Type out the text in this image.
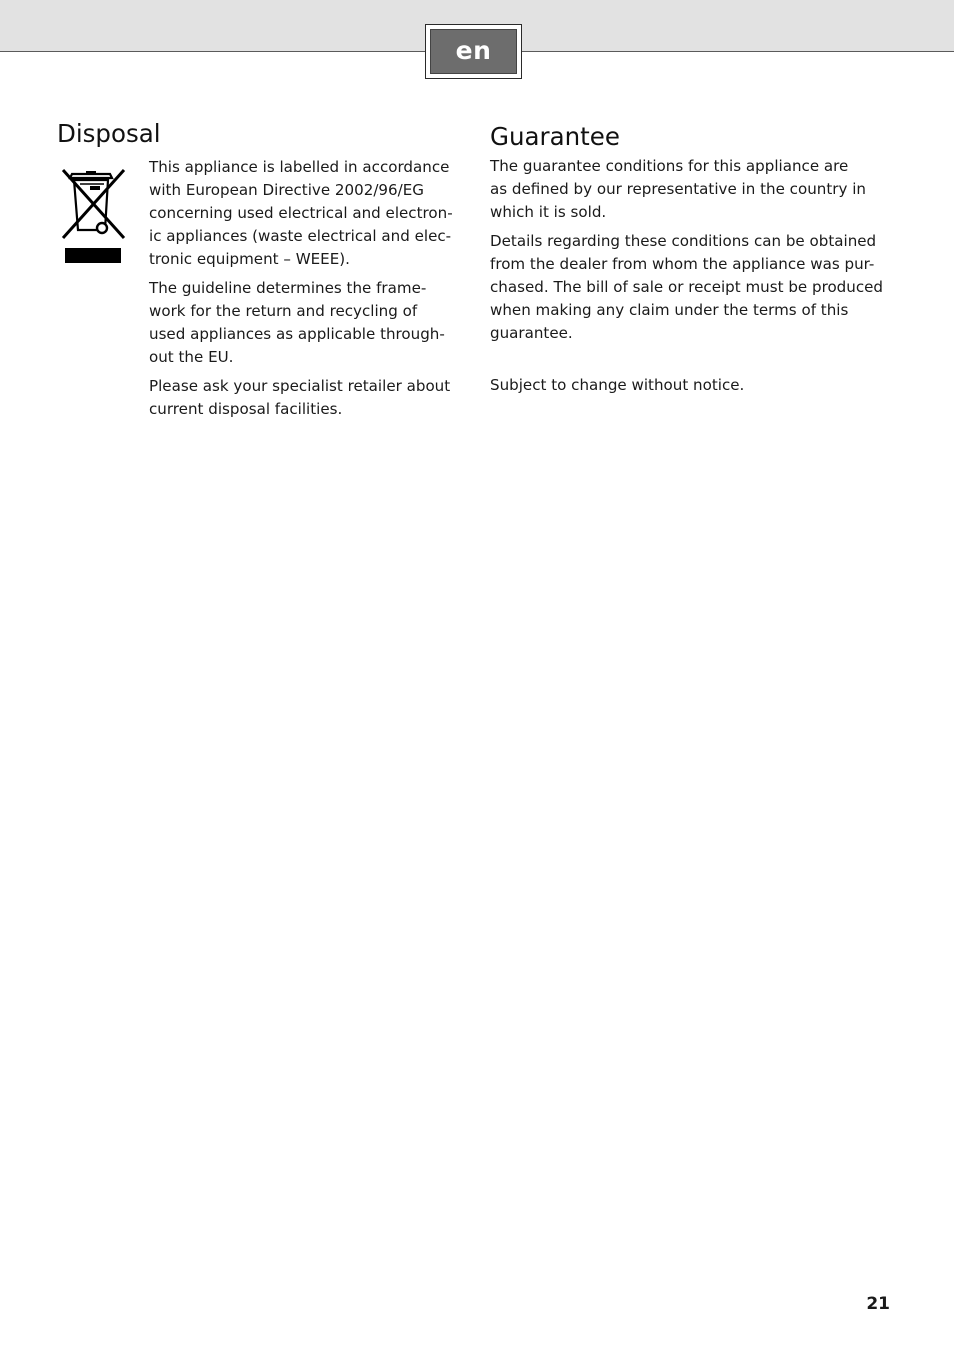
en
Disposal

This appliance is labelled in accordance
with European Directive 2002/96/EG
concerning used electrical and electron-
ic appliances (waste electrical and elec-
tronic equipment – WEEE).

The guideline determines the frame-
work for the return and recycling of
used appliances as applicable through-
out the EU.

Please ask your specialist retailer about
current disposal facilities.

Guarantee

The guarantee conditions for this appliance are
as defined by our representative in the country in
which it is sold.

Details regarding these conditions can be obtained
from the dealer from whom the appliance was pur-
chased. The bill of sale or receipt must be produced
when making any claim under the terms of this
guarantee.

Subject to change without notice.

21
